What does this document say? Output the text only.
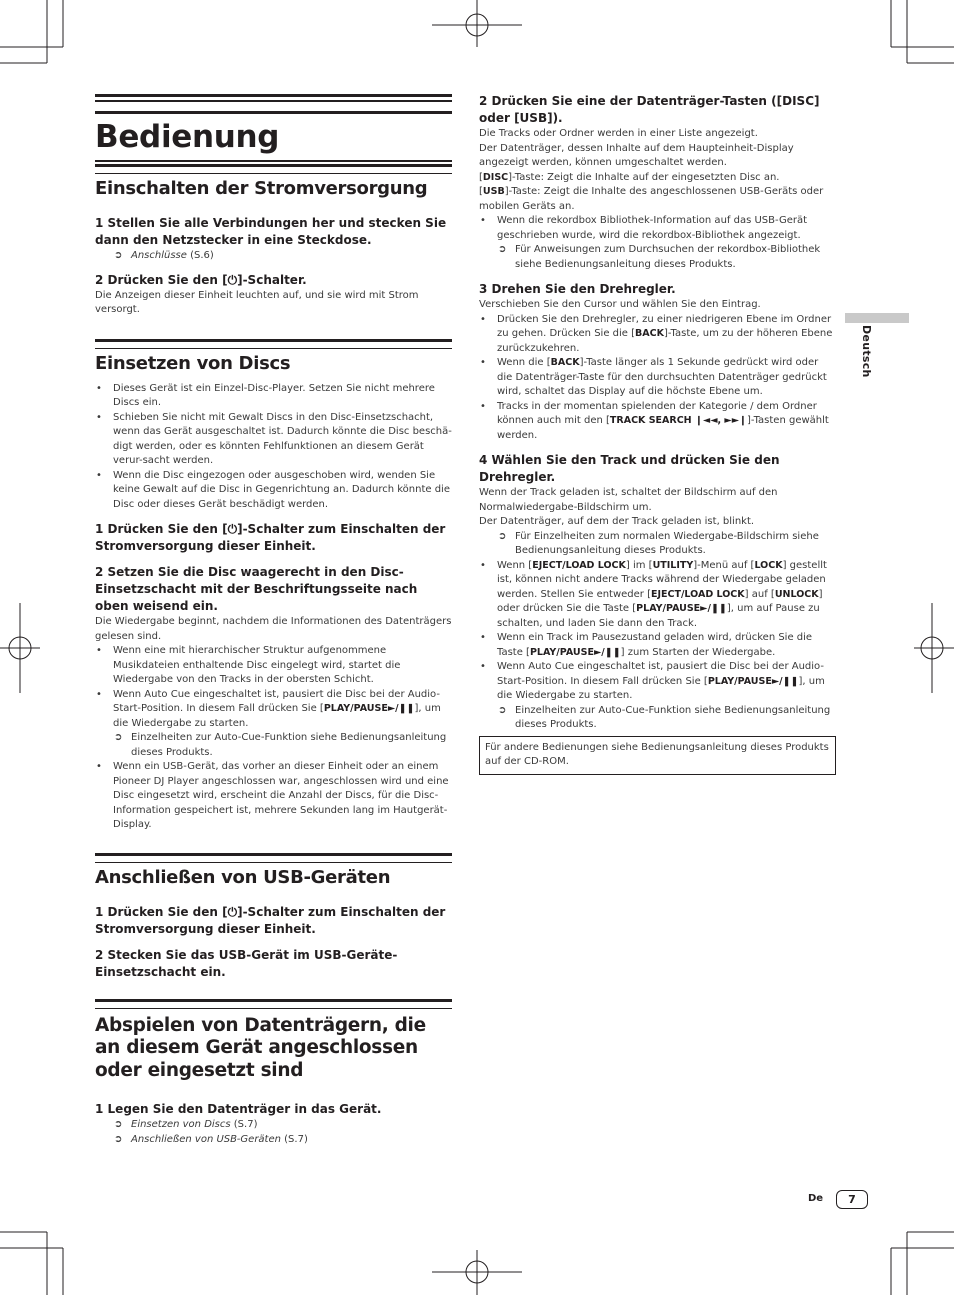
Bedienung
Einschalten der Stromversorgung

1 Stellen Sie alle Verbindungen her und stecken Sie dann den Netzstecker in eine Steckdose.

➲ Anschlüsse (S.6)

2 Drücken Sie den [⏻]-Schalter.

Die Anzeigen dieser Einheit leuchten auf, und sie wird mit Strom versorgt.

Einsetzen von Discs

• Dieses Gerät ist ein Einzel-Disc-Player. Setzen Sie nicht mehrere Discs ein.

• Schieben Sie nicht mit Gewalt Discs in den Disc-Einsetzschacht, wenn das Gerät ausgeschaltet ist. Dadurch könnte die Disc beschä-digt werden, oder es könnten Fehlfunktionen an diesem Gerät verur-sacht werden.

• Wenn die Disc eingezogen oder ausgeschoben wird, wenden Sie keine Gewalt auf die Disc in Gegenrichtung an. Dadurch könnte die Disc oder dieses Gerät beschädigt werden.

1 Drücken Sie den [⏻]-Schalter zum Einschalten der Stromversorgung dieser Einheit.

2 Setzen Sie die Disc waagerecht in den Disc-Einsetzschacht mit der Beschriftungsseite nach oben weisend ein.

Die Wiedergabe beginnt, nachdem die Informationen des Datenträgers gelesen sind.

• Wenn eine mit hierarchischer Struktur aufgenommene Musikdateien enthaltende Disc eingelegt wird, startet die Wiedergabe von den Tracks in der obersten Schicht.

• Wenn Auto Cue eingeschaltet ist, pausiert die Disc bei der Audio-Start-Position. In diesem Fall drücken Sie [PLAY/PAUSE►/❚❚], um die Wiedergabe zu starten.

➲ Einzelheiten zur Auto-Cue-Funktion siehe Bedienungsanleitung dieses Produkts.

• Wenn ein USB-Gerät, das vorher an dieser Einheit oder an einem Pioneer DJ Player angeschlossen war, angeschlossen wird und eine Disc eingesetzt wird, erscheint die Anzahl der Discs, für die Disc-Information gespeichert ist, mehrere Sekunden lang im Hautgerät-Display.

Anschließen von USB-Geräten

1 Drücken Sie den [⏻]-Schalter zum Einschalten der Stromversorgung dieser Einheit.

2 Stecken Sie das USB-Gerät im USB-Geräte-Einsetzschacht ein.

Abspielen von Datenträgern, die an diesem Gerät angeschlossen oder eingesetzt sind

1 Legen Sie den Datenträger in das Gerät.

➲ Einsetzen von Discs (S.7)

➲ Anschließen von USB-Geräten (S.7)

2 Drücken Sie eine der Datenträger-Tasten ([DISC] oder [USB]).

Die Tracks oder Ordner werden in einer Liste angezeigt.

Der Datenträger, dessen Inhalte auf dem Haupteinheit-Display angezeigt werden, können umgeschaltet werden.

[DISC]-Taste: Zeigt die Inhalte auf der eingesetzten Disc an.

[USB]-Taste: Zeigt die Inhalte des angeschlossenen USB-Geräts oder mobilen Geräts an.

• Wenn die rekordbox Bibliothek-Information auf das USB-Gerät geschrieben wurde, wird die rekordbox-Bibliothek angezeigt.

➲ Für Anweisungen zum Durchsuchen der rekordbox-Bibliothek siehe Bedienungsanleitung dieses Produkts.

3 Drehen Sie den Drehregler.

Verschieben Sie den Cursor und wählen Sie den Eintrag.

• Drücken Sie den Drehregler, zu einer niedrigeren Ebene im Ordner zu gehen. Drücken Sie die [BACK]-Taste, um zu der höheren Ebene zurückzukehren.

• Wenn die [BACK]-Taste länger als 1 Sekunde gedrückt wird oder die Datenträger-Taste für den durchsuchten Datenträger gedrückt wird, schaltet das Display auf die höchste Ebene um.

• Tracks in der momentan spielenden der Kategorie / dem Ordner können auch mit den [TRACK SEARCH ❙◄◄, ►►❙]-Tasten gewählt werden.

4 Wählen Sie den Track und drücken Sie den Drehregler.

Wenn der Track geladen ist, schaltet der Bildschirm auf den Normalwiedergabe-Bildschirm um.

Der Datenträger, auf dem der Track geladen ist, blinkt.

➲ Für Einzelheiten zum normalen Wiedergabe-Bildschirm siehe Bedienungsanleitung dieses Produkts.

• Wenn [EJECT/LOAD LOCK] im [UTILITY]-Menü auf [LOCK] gestellt ist, können nicht andere Tracks während der Wiedergabe geladen werden. Stellen Sie entweder [EJECT/LOAD LOCK] auf [UNLOCK] oder drücken Sie die Taste [PLAY/PAUSE►/❚❚], um auf Pause zu schalten, und laden Sie dann den Track.

• Wenn ein Track im Pausezustand geladen wird, drücken Sie die Taste [PLAY/PAUSE►/❚❚] zum Starten der Wiedergabe.

• Wenn Auto Cue eingeschaltet ist, pausiert die Disc bei der Audio-Start-Position. In diesem Fall drücken Sie [PLAY/PAUSE►/❚❚], um die Wiedergabe zu starten.

➲ Einzelheiten zur Auto-Cue-Funktion siehe Bedienungsanleitung dieses Produkts.

Für andere Bedienungen siehe Bedienungsanleitung dieses Produkts auf der CD-ROM.
Deutsch
De	7
